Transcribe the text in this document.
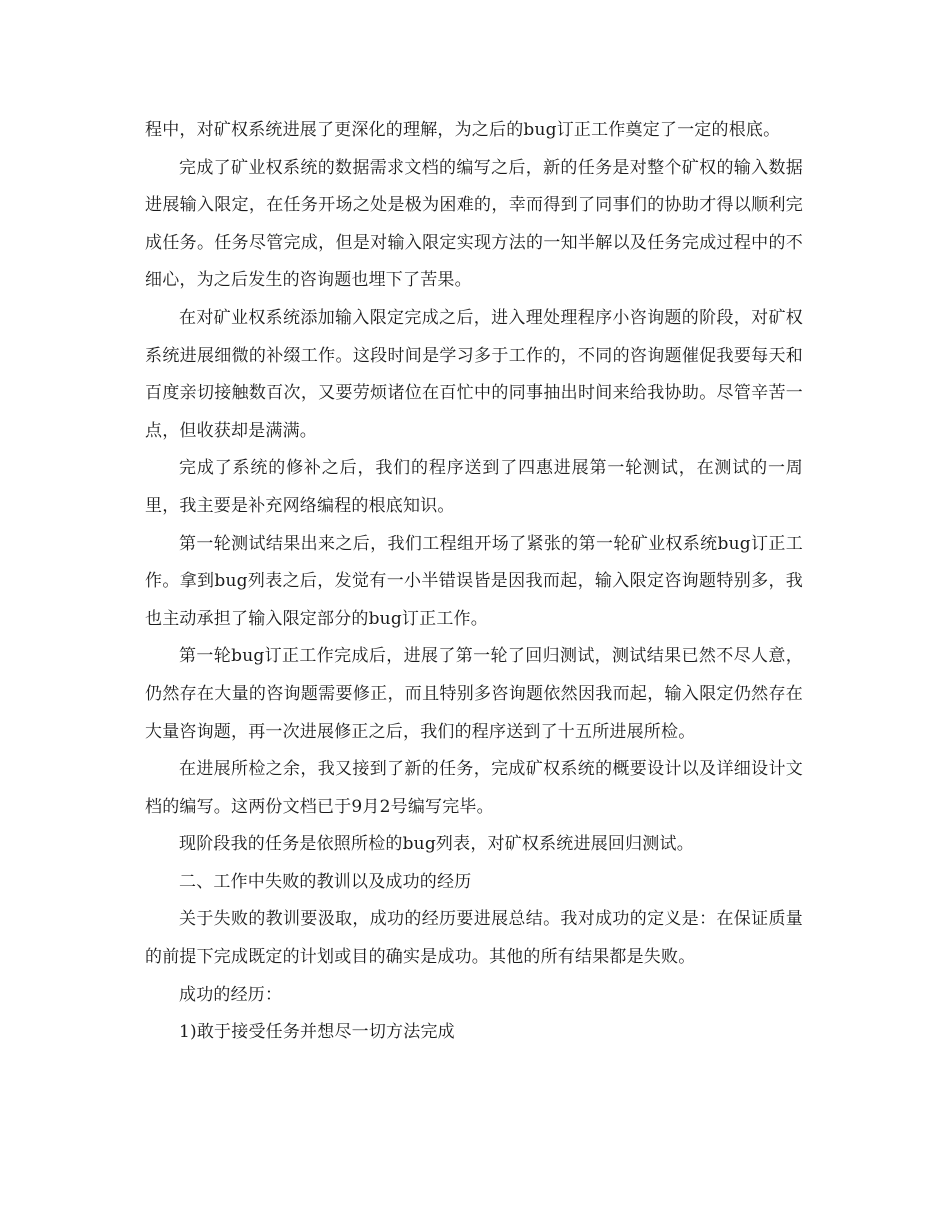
程中，对矿权系统进展了更深化的理解，为之后的bug订正工作奠定了一定的根底。

完成了矿业权系统的数据需求文档的编写之后，新的任务是对整个矿权的输入数据进展输入限定，在任务开场之处是极为困难的，幸而得到了同事们的协助才得以顺利完成任务。任务尽管完成，但是对输入限定实现方法的一知半解以及任务完成过程中的不细心，为之后发生的咨询题也埋下了苦果。

在对矿业权系统添加输入限定完成之后，进入理处理程序小咨询题的阶段，对矿权系统进展细微的补缀工作。这段时间是学习多于工作的，不同的咨询题催促我要每天和百度亲切接触数百次，又要劳烦诸位在百忙中的同事抽出时间来给我协助。尽管辛苦一点，但收获却是满满。

完成了系统的修补之后，我们的程序送到了四惠进展第一轮测试，在测试的一周里，我主要是补充网络编程的根底知识。

第一轮测试结果出来之后，我们工程组开场了紧张的第一轮矿业权系统bug订正工作。拿到bug列表之后，发觉有一小半错误皆是因我而起，输入限定咨询题特别多，我也主动承担了输入限定部分的bug订正工作。

第一轮bug订正工作完成后，进展了第一轮了回归测试，测试结果已然不尽人意，仍然存在大量的咨询题需要修正，而且特别多咨询题依然因我而起，输入限定仍然存在大量咨询题，再一次进展修正之后，我们的程序送到了十五所进展所检。

在进展所检之余，我又接到了新的任务，完成矿权系统的概要设计以及详细设计文档的编写。这两份文档已于9月2号编写完毕。

现阶段我的任务是依照所检的bug列表，对矿权系统进展回归测试。

二、工作中失败的教训以及成功的经历

关于失败的教训要汲取，成功的经历要进展总结。我对成功的定义是：在保证质量的前提下完成既定的计划或目的确实是成功。其他的所有结果都是失败。

成功的经历：

1)敢于接受任务并想尽一切方法完成
